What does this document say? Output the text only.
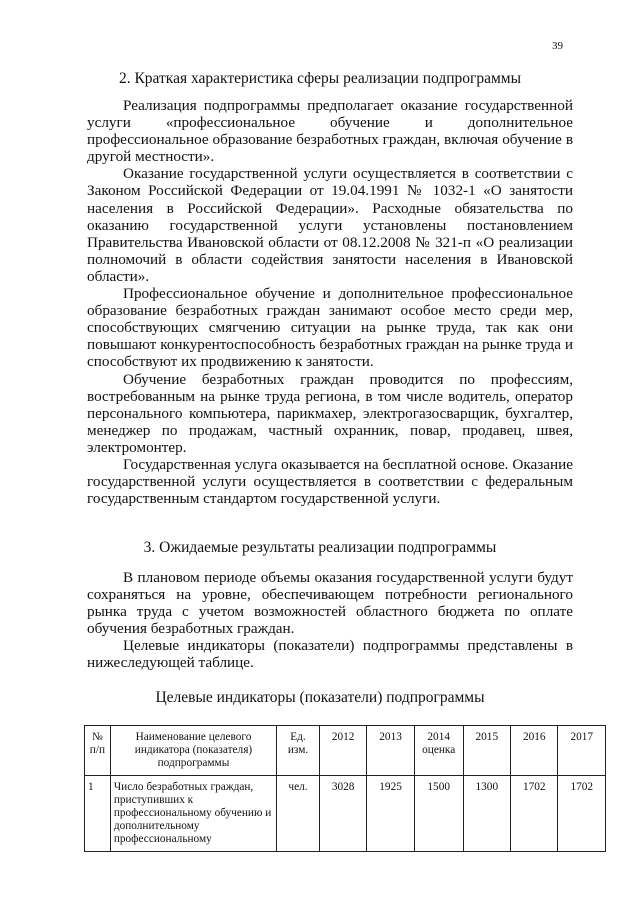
39
2. Краткая характеристика сферы реализации подпрограммы

Реализация подпрограммы предполагает оказание государственной услуги «профессиональное обучение и дополнительное профессиональное образование безработных граждан, включая обучение в другой местности».

Оказание государственной услуги осуществляется в соответствии с Законом Российской Федерации от 19.04.1991 № 1032-1 «О занятости населения в Российской Федерации». Расходные обязательства по оказанию государственной услуги установлены постановлением Правительства Ивановской области от 08.12.2008 № 321-п «О реализации полномочий в области содействия занятости населения в Ивановской области».

Профессиональное обучение и дополнительное профессиональное образование безработных граждан занимают особое место среди мер, способствующих смягчению ситуации на рынке труда, так как они повышают конкурентоспособность безработных граждан на рынке труда и способствуют их продвижению к занятости.

Обучение безработных граждан проводится по профессиям, востребованным на рынке труда региона, в том числе водитель, оператор персонального компьютера, парикмахер, электрогазосварщик, бухгалтер, менеджер по продажам, частный охранник, повар, продавец, швея, электромонтер.

Государственная услуга оказывается на бесплатной основе. Оказание государственной услуги осуществляется в соответствии с федеральным государственным стандартом государственной услуги.

3. Ожидаемые результаты реализации подпрограммы

В плановом периоде объемы оказания государственной услуги будут сохраняться на уровне, обеспечивающем потребности регионального рынка труда с учетом возможностей областного бюджета по оплате обучения безработных граждан.

Целевые индикаторы (показатели) подпрограммы представлены в нижеследующей таблице.

Целевые индикаторы (показатели) подпрограммы
№ п/п	Наименование целевого индикатора (показателя) подпрограммы	Ед. изм.	2012	2013	2014 оценка	2015	2016	2017
1	Число безработных граждан, приступивших к профессиональному обучению и дополнительному профессиональному	чел.	3028	1925	1500	1300	1702	1702
